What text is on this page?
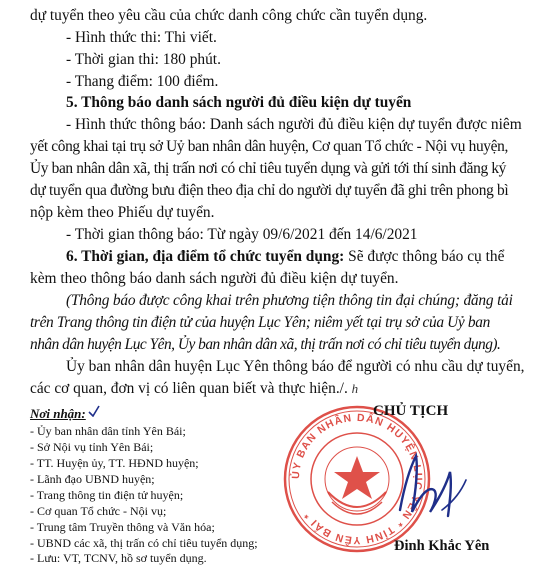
dự tuyển theo yêu cầu của chức danh công chức cần tuyển dụng.
- Hình thức thi: Thi viết.
- Thời gian thi: 180 phút.
- Thang điểm: 100 điểm.
5. Thông báo danh sách người đủ điều kiện dự tuyển
- Hình thức thông báo: Danh sách người đủ điều kiện dự tuyển được niêm
yết công khai tại trụ sở Uỷ ban nhân dân huyện, Cơ quan Tổ chức - Nội vụ huyện,
Ủy ban nhân dân xã, thị trấn nơi có chỉ tiêu tuyển dụng và gửi tới thí sinh đăng ký
dự tuyển qua đường bưu điện theo địa chỉ do người dự tuyển đã ghi trên phong bì
nộp kèm theo Phiếu dự tuyển.
- Thời gian thông báo: Từ ngày 09/6/2021 đến 14/6/2021
6. Thời gian, địa điểm tổ chức tuyển dụng: Sẽ được thông báo cụ thể
kèm theo thông báo danh sách người đủ điều kiện dự tuyển.
(Thông báo được công khai trên phương tiện thông tin đại chúng; đăng tải
trên Trang thông tin điện tử của huyện Lục Yên; niêm yết tại trụ sở của Uỷ ban
nhân dân huyện Lục Yên, Ủy ban nhân dân xã, thị trấn nơi có chỉ tiêu tuyển dụng).
Ủy ban nhân dân huyện Lục Yên thông báo để người có nhu cầu dự tuyển,
các cơ quan, đơn vị có liên quan biết và thực hiện./. h
Nơi nhận:
- Ủy ban nhân dân tỉnh Yên Bái;
- Sở Nội vụ tỉnh Yên Bái;
- TT. Huyện ủy, TT. HĐND huyện;
- Lãnh đạo UBND huyện;
- Trang thông tin điện tử huyện;
- Cơ quan Tổ chức - Nội vụ;
- Trung tâm Truyền thông và Văn hóa;
- UBND các xã, thị trấn có chỉ tiêu tuyển dụng;
- Lưu: VT, TCNV, hồ sơ tuyển dụng.
ỦY BAN NHÂN DÂN HUYỆN LỤC YÊN * TỈNH YÊN BÁI *
CHỦ TỊCH
Đinh Khắc Yên
